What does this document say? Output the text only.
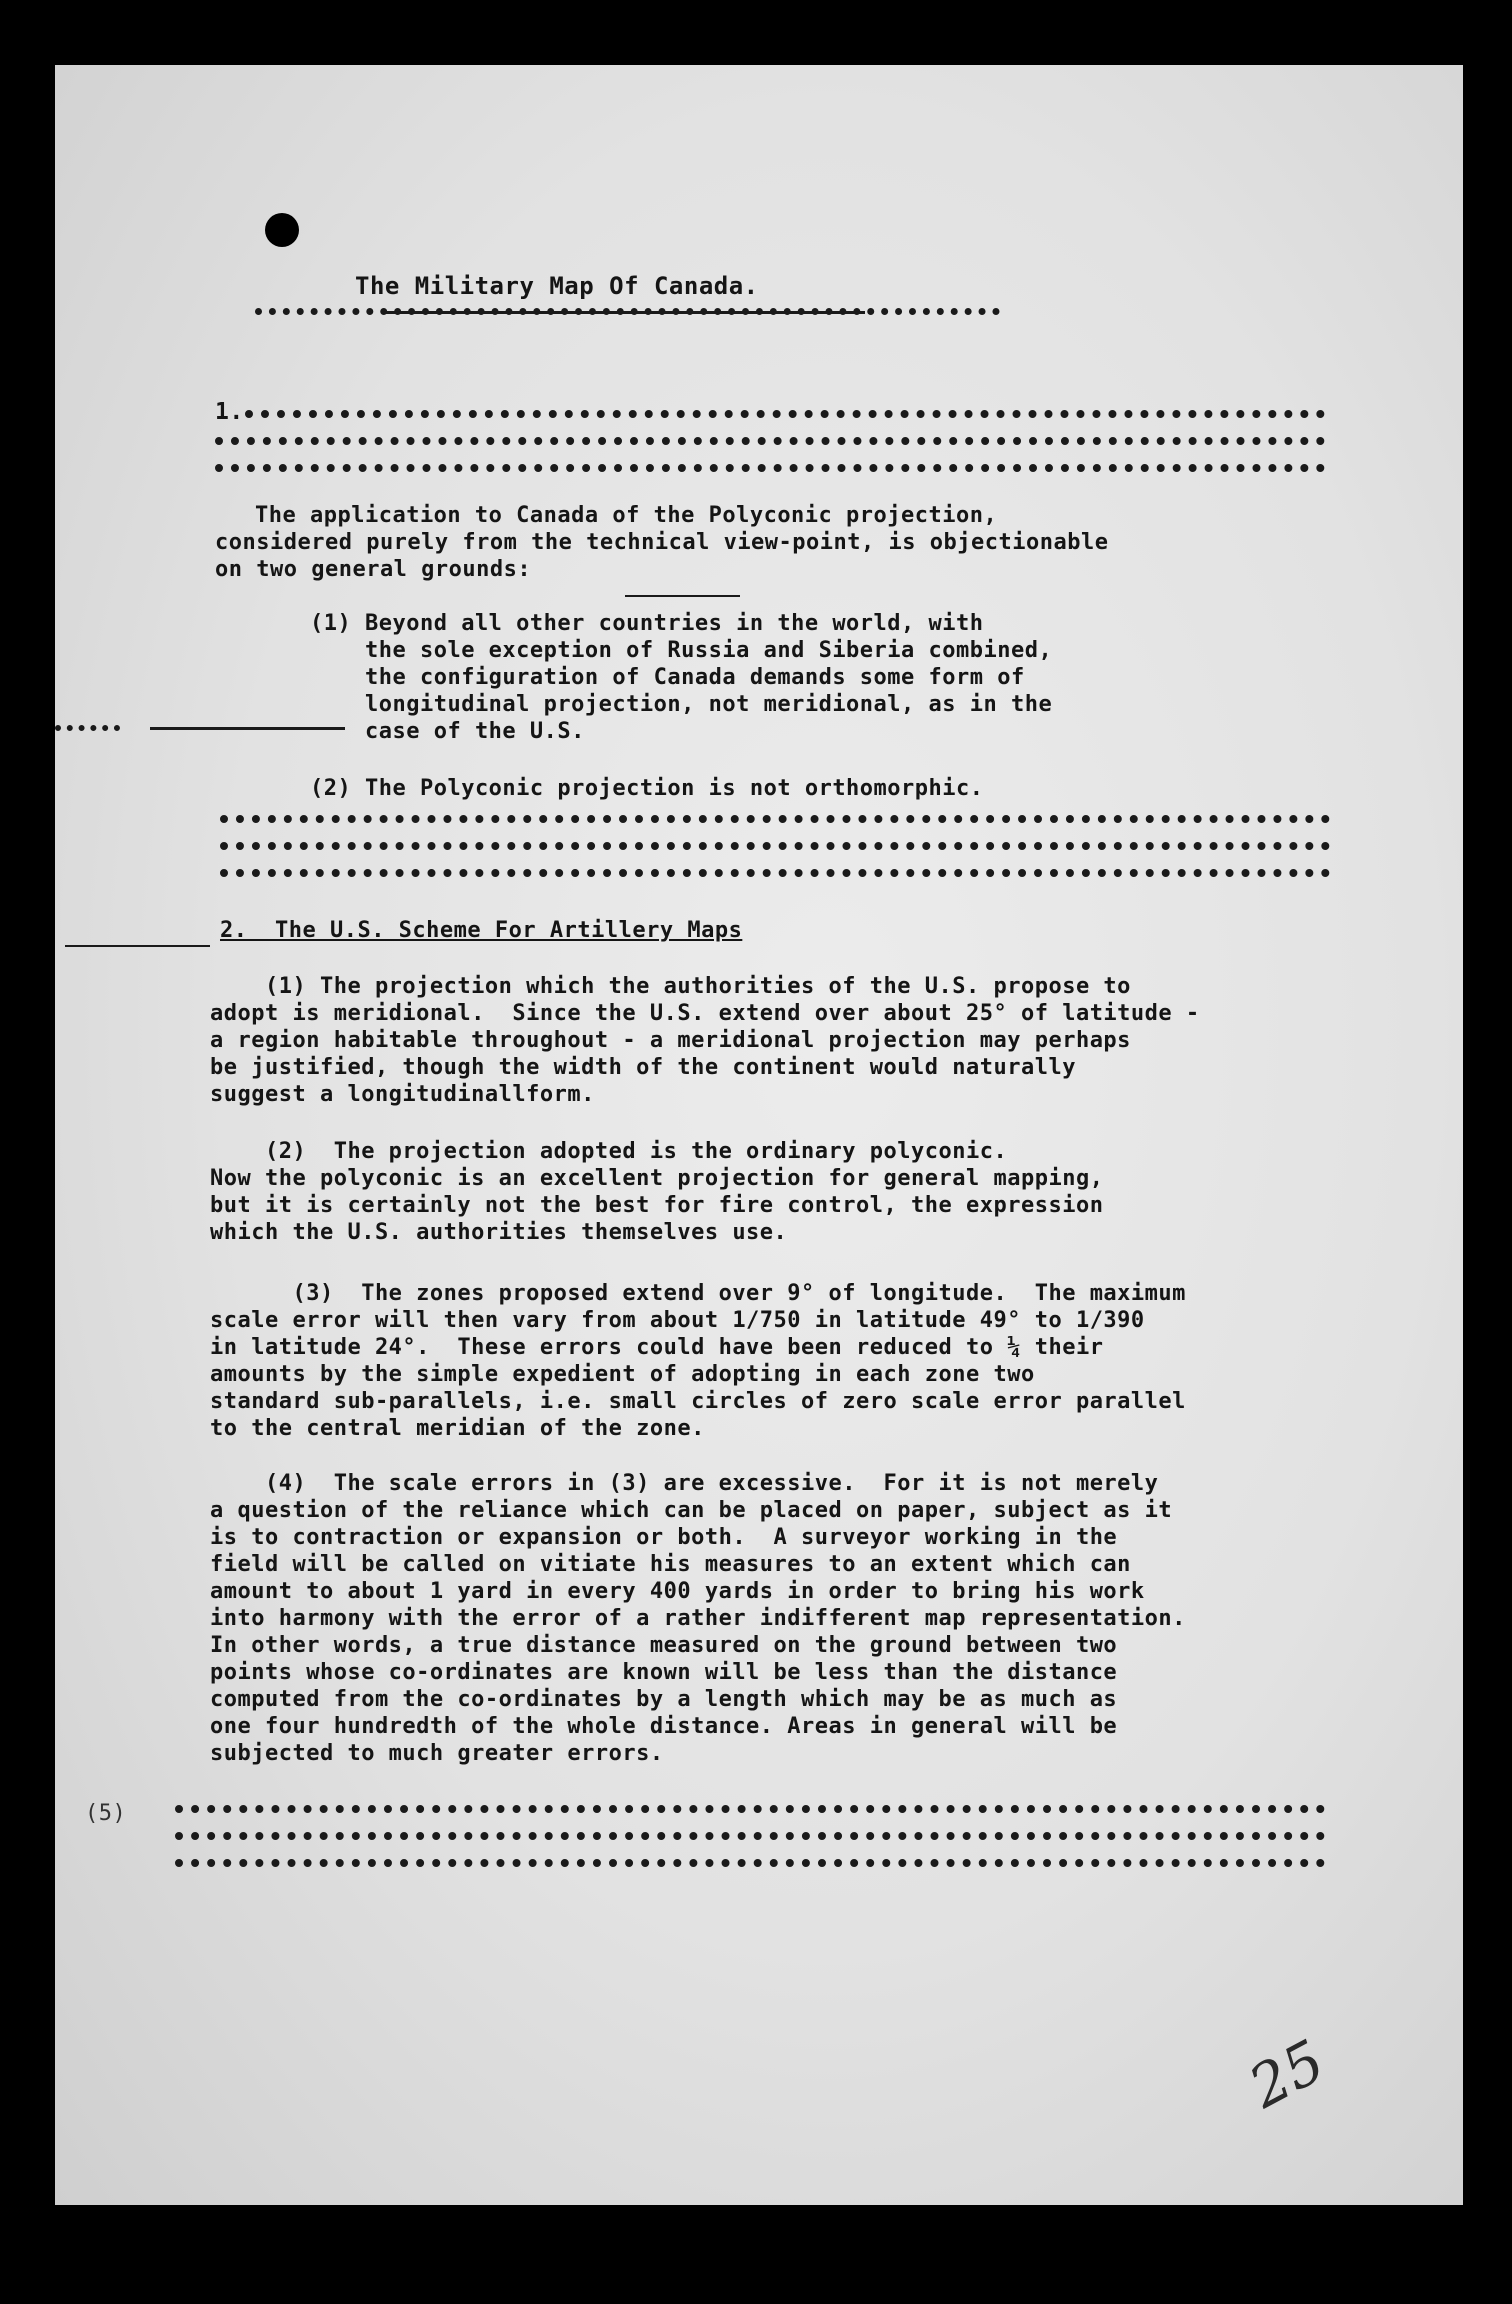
The Military Map Of Canada.
1.
The application to Canada of the Polyconic projection,
considered purely from the technical view-point, is objectionable
on two general grounds:
(1) Beyond all other countries in the world, with
the sole exception of Russia and Siberia combined,
the configuration of Canada demands some form of
longitudinal projection, not meridional, as in the
case of the U.S.
(2) The Polyconic projection is not orthomorphic.
2.  The U.S. Scheme For Artillery Maps
(1) The projection which the authorities of the U.S. propose to
adopt is meridional.  Since the U.S. extend over about 25° of latitude -
a region habitable throughout - a meridional projection may perhaps
be justified, though the width of the continent would naturally
suggest a longitudinallform.
(2)  The projection adopted is the ordinary polyconic.
Now the polyconic is an excellent projection for general mapping,
but it is certainly not the best for fire control, the expression
which the U.S. authorities themselves use.
(3)  The zones proposed extend over 9° of longitude.  The maximum
scale error will then vary from about 1/750 in latitude 49° to 1/390
in latitude 24°.  These errors could have been reduced to ¼ their
amounts by the simple expedient of adopting in each zone two
standard sub-parallels, i.e. small circles of zero scale error parallel
to the central meridian of the zone.
(4)  The scale errors in (3) are excessive.  For it is not merely
a question of the reliance which can be placed on paper, subject as it
is to contraction or expansion or both.  A surveyor working in the
field will be called on vitiate his measures to an extent which can
amount to about 1 yard in every 400 yards in order to bring his work
into harmony with the error of a rather indifferent map representation.
In other words, a true distance measured on the ground between two
points whose co-ordinates are known will be less than the distance
computed from the co-ordinates by a length which may be as much as
one four hundredth of the whole distance. Areas in general will be
subjected to much greater errors.
(5)
25
